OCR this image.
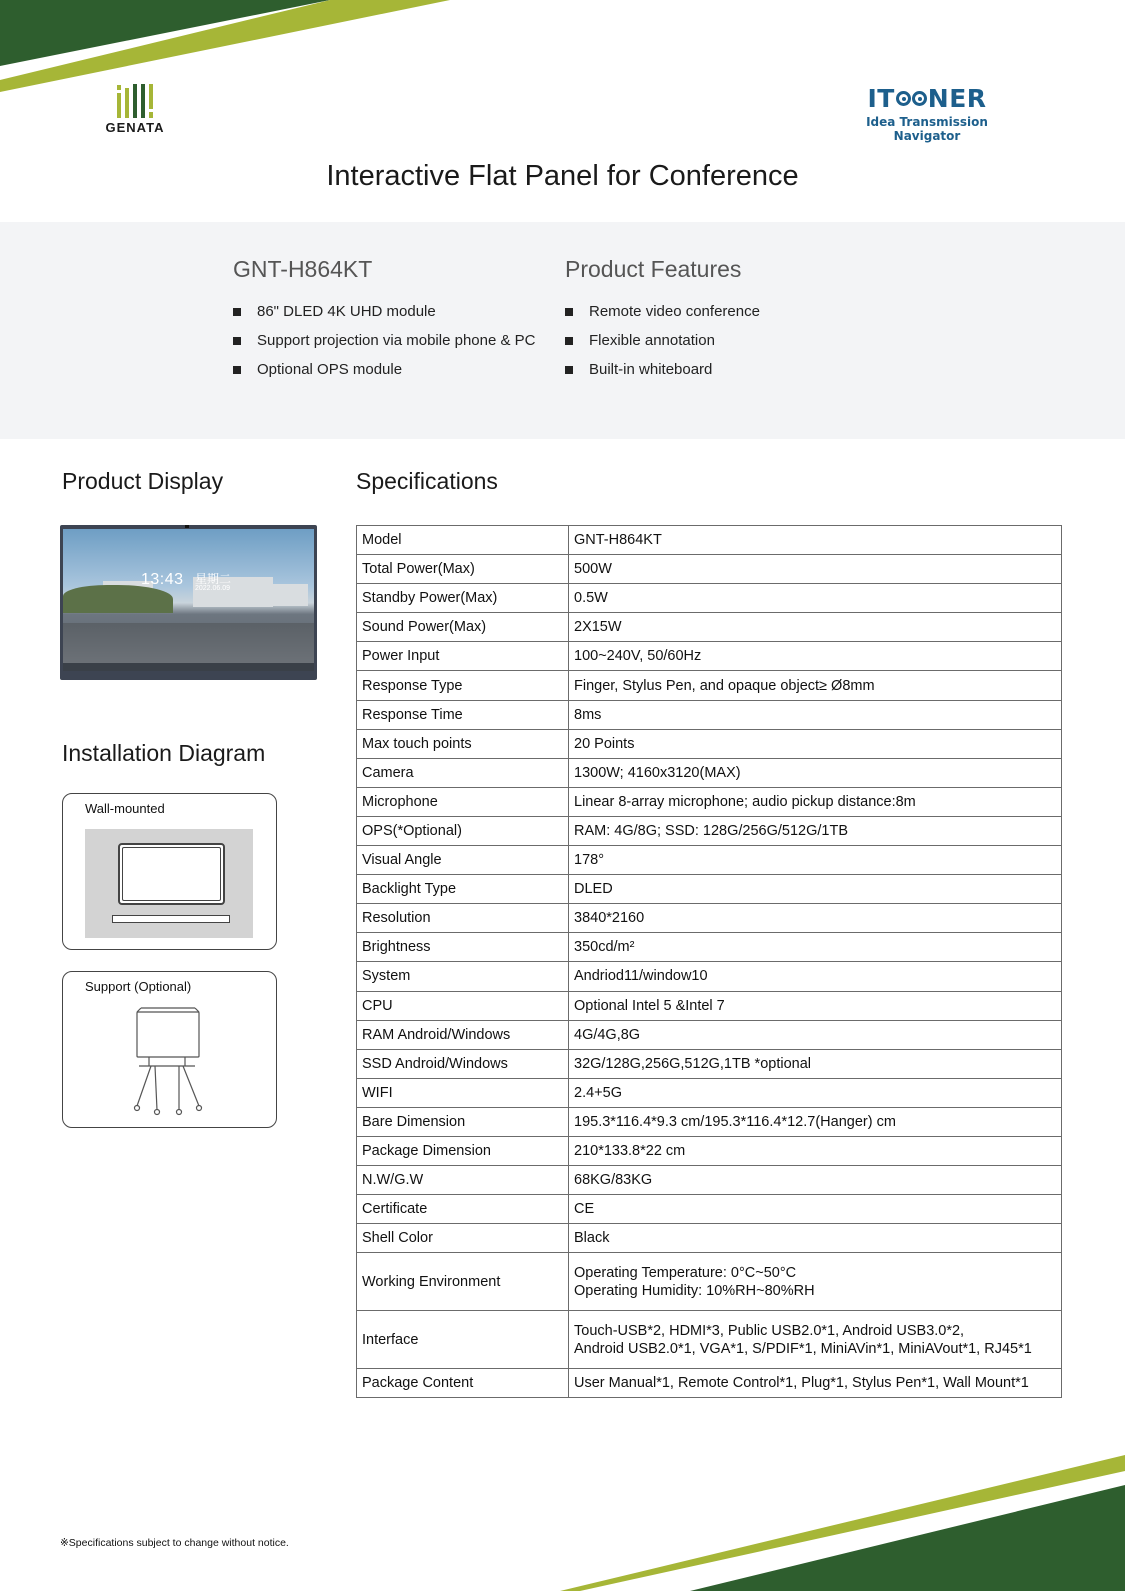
GENATA
IT NER
Idea Transmission Navigator
Interactive Flat Panel for Conference
GNT-H864KT
86" DLED 4K UHD module
Support projection via mobile phone & PC
Optional OPS module
Product Features
Remote video conference
Flexible annotation
Built-in whiteboard
Product Display
13:43 星期二
2022.06.09
Installation Diagram
Wall-mounted
Support (Optional)
Specifications
Model	GNT-H864KT
Total Power(Max)	500W
Standby Power(Max)	0.5W
Sound Power(Max)	2X15W
Power Input	100~240V, 50/60Hz
Response Type	Finger, Stylus Pen, and opaque object≥ Ø8mm
Response Time	8ms
Max touch points	20 Points
Camera	1300W; 4160x3120(MAX)
Microphone	Linear 8-array microphone; audio pickup distance:8m
OPS(*Optional)	RAM: 4G/8G; SSD: 128G/256G/512G/1TB
Visual Angle	178°
Backlight Type	DLED
Resolution	3840*2160
Brightness	350cd/m²
System	Andriod11/window10
CPU	Optional Intel 5 &Intel 7
RAM Android/Windows	4G/4G,8G
SSD Android/Windows	32G/128G,256G,512G,1TB *optional
WIFI	2.4+5G
Bare Dimension	195.3*116.4*9.3 cm/195.3*116.4*12.7(Hanger) cm
Package Dimension	210*133.8*22 cm
N.W/G.W	68KG/83KG
Certificate	CE
Shell Color	Black
Working Environment	Operating Temperature: 0°C~50°C
Operating Humidity: 10%RH~80%RH

Interface	Touch-USB*2, HDMI*3, Public USB2.0*1, Android USB3.0*2,
Android USB2.0*1, VGA*1, S/PDIF*1, MiniAVin*1, MiniAVout*1, RJ45*1

Package Content	User Manual*1, Remote Control*1, Plug*1, Stylus Pen*1, Wall Mount*1
※Specifications subject to change without notice.
